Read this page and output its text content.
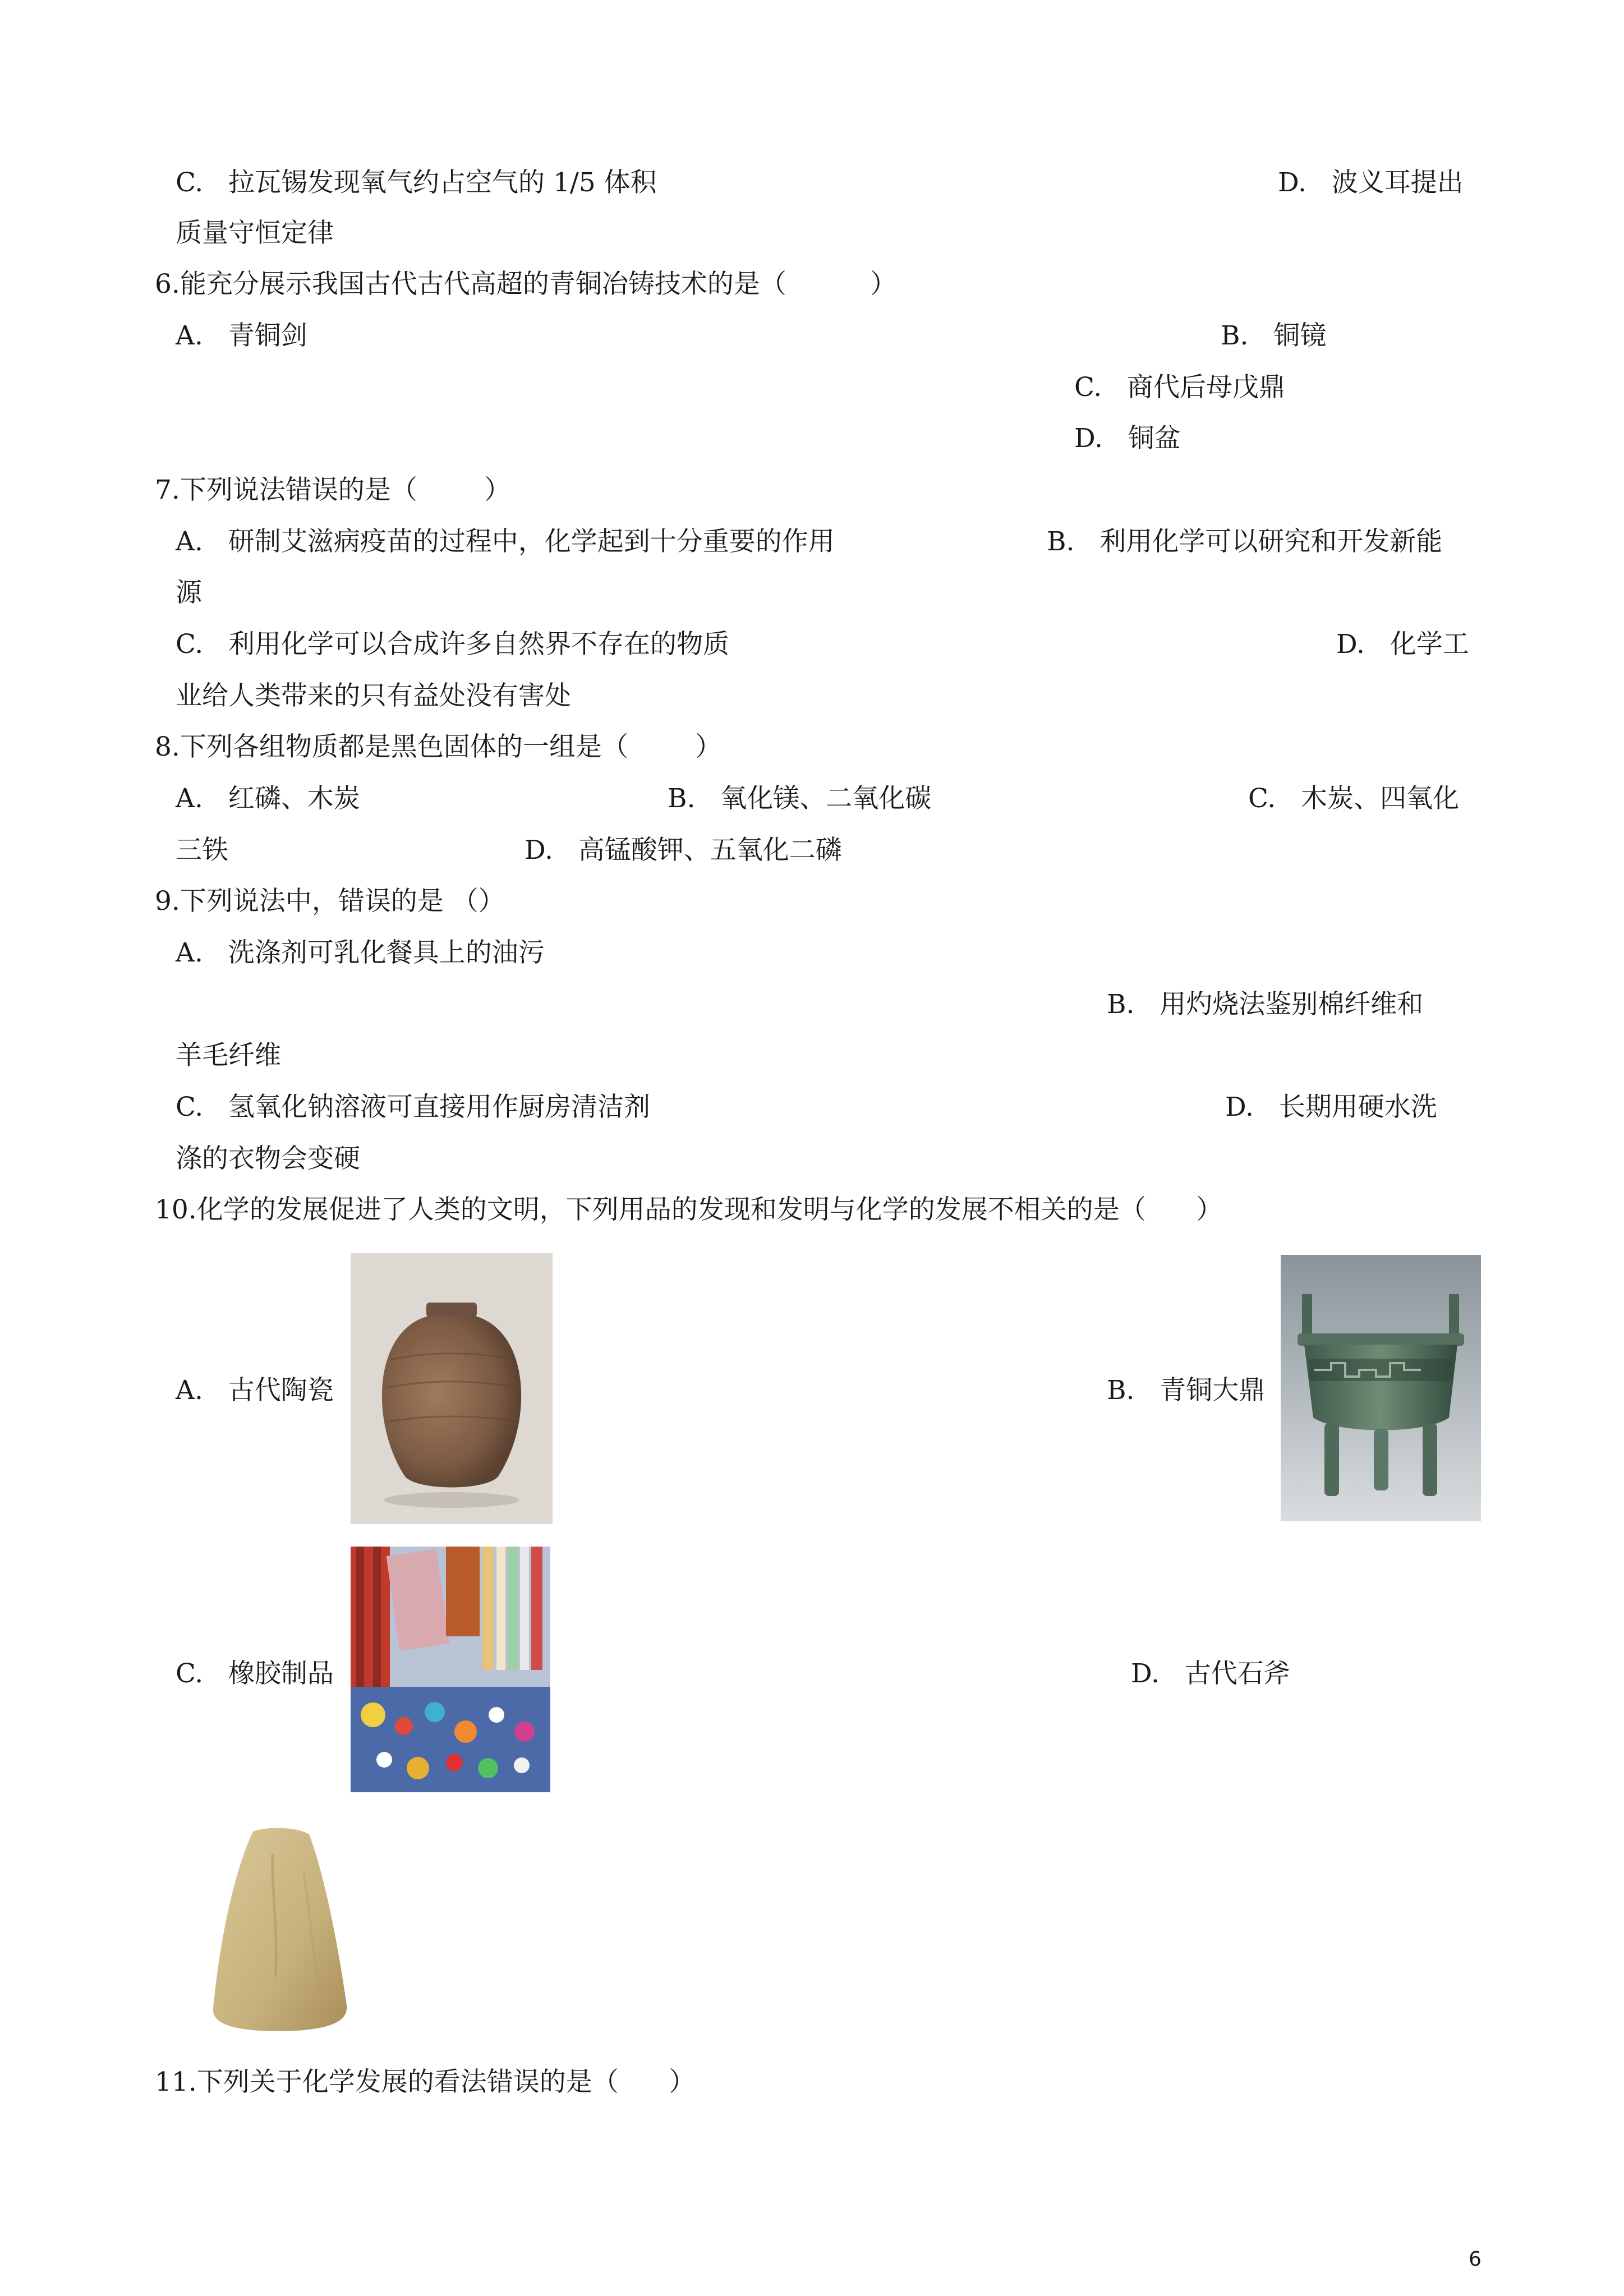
C.   拉瓦锡发现氧气约占空气的 1/5 体积	D.   波义耳提出
质量守恒定律
6.能充分展示我国古代古代高超的青铜冶铸技术的是（          ）
A.   青铜剑	B.   铜镜
C.   商代后母戊鼎
D.   铜盆
7.下列说法错误的是（        ）
A.   研制艾滋病疫苗的过程中，化学起到十分重要的作用	B.   利用化学可以研究和开发新能
源
C.   利用化学可以合成许多自然界不存在的物质	D.   化学工
业给人类带来的只有益处没有害处
8.下列各组物质都是黑色固体的一组是（        ）
A.   红磷、木炭	B.   氧化镁、二氧化碳	C.   木炭、四氧化
三铁	D.   高锰酸钾、五氧化二磷
9.下列说法中，错误的是 （）
A.   洗涤剂可乳化餐具上的油污
B.   用灼烧法鉴别棉纤维和
羊毛纤维
C.   氢氧化钠溶液可直接用作厨房清洁剂	D.   长期用硬水洗
涤的衣物会变硬
10.化学的发展促进了人类的文明，下列用品的发现和发明与化学的发展不相关的是（      ）
A.   古代陶瓷	B.   青铜大鼎
C.   橡胶制品	D.   古代石斧
11.下列关于化学发展的看法错误的是（      ）
6
